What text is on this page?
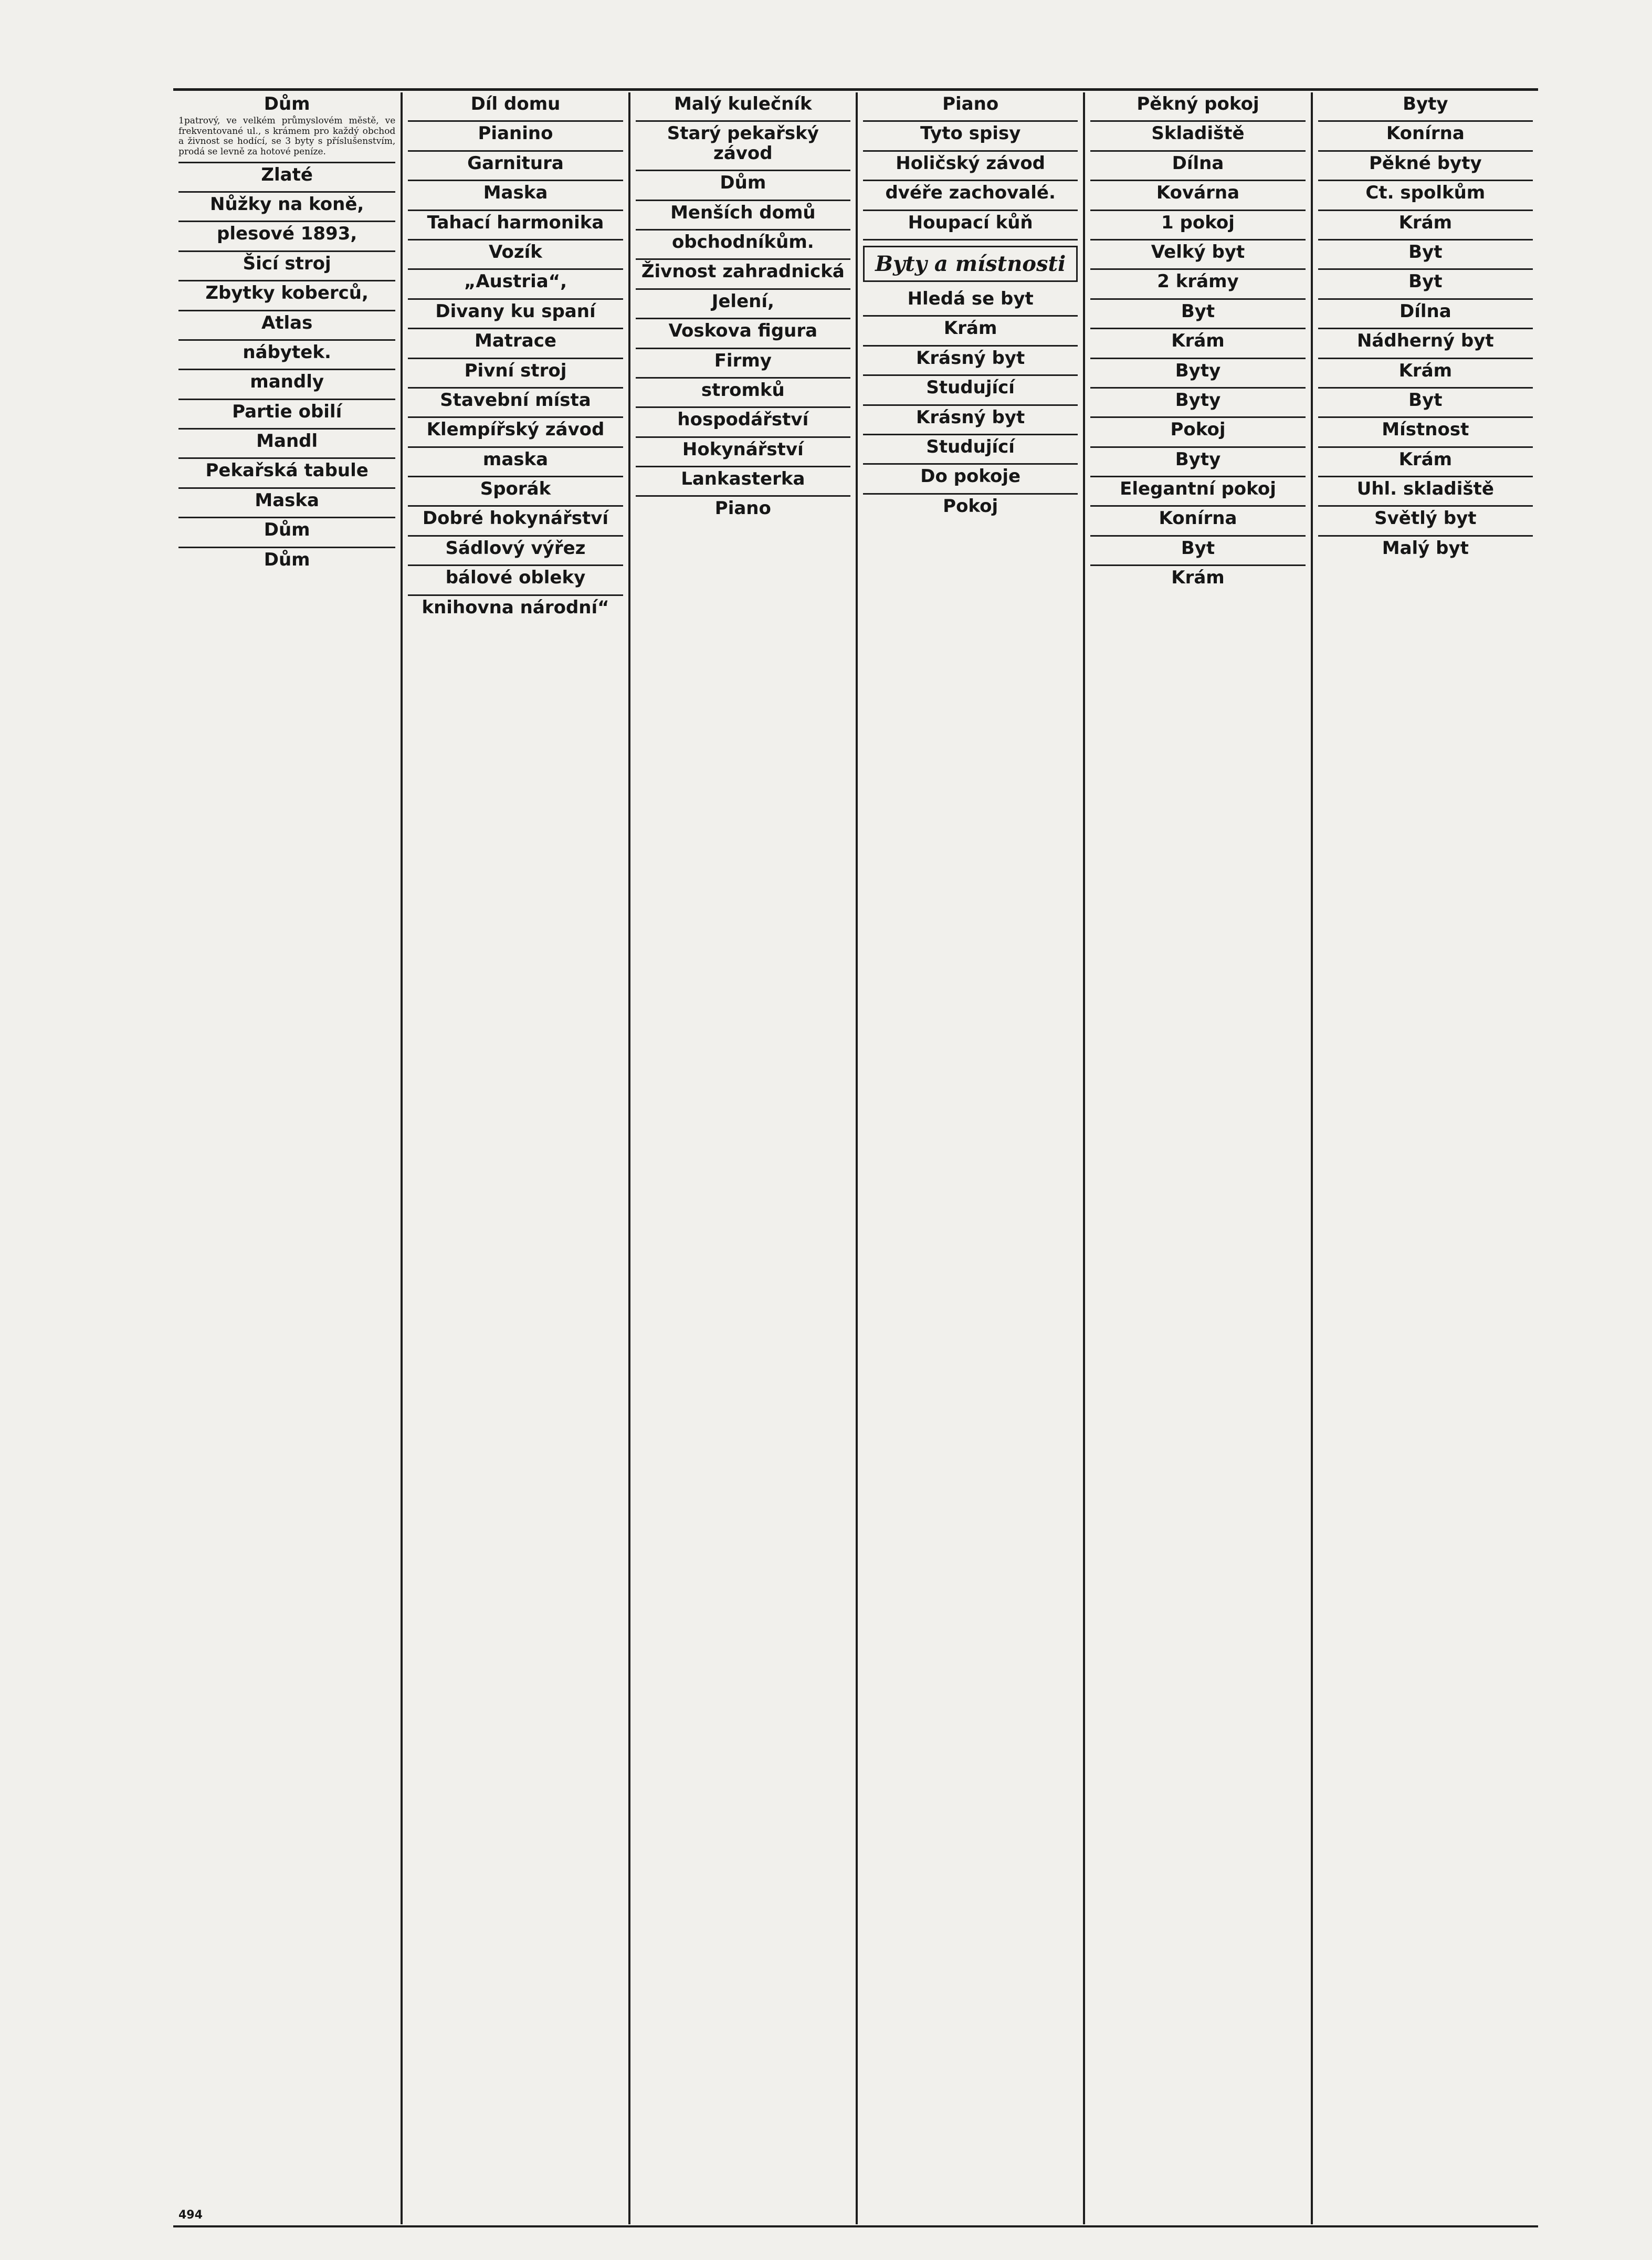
Dům
1patrový, ve velkém průmyslovém městě, ve frekventované ul., s krámem pro každý obchod a živnost se hodící, se 3 byty s příslušenstvím, prodá se levně za hotové peníze.
Zlaté
Nůžky na koně,
plesové 1893,
Šicí stroj
Zbytky koberců,
Atlas
nábytek.
mandly
Partie obilí
Mandl
Pekařská tabule
Maska
Dům
Dům
Díl domu
Pianino
Garnitura
Maska
Tahací harmonika
Vozík
„Austria“,
Divany ku spaní
Matrace
Pivní stroj
Stavební místa
Klempířský závod
maska
Sporák
Dobré hokynářství
Sádlový výřez
bálové obleky
knihovna národní“
Malý kulečník
Starý pekařský závod
Dům
Menších domů
obchodníkům.
Živnost zahradnická
Jelení,
Voskova figura
Firmy
stromků
hospodářství
Hokynářství
Lankasterka
Piano
Piano
Tyto spisy
Holičský závod
dvéře zachovalé.
Houpací kůň
Byty a místnosti
Hledá se byt
Krám
Krásný byt
Studující
Krásný byt
Studující
Do pokoje
Pokoj
Pěkný pokoj
Skladiště
Dílna
Kovárna
1 pokoj
Velký byt
2 krámy
Byt
Krám
Byty
Byty
Pokoj
Byty
Elegantní pokoj
Konírna
Byt
Krám
Byty
Konírna
Pěkné byty
Ct. spolkům
Krám
Byt
Byt
Dílna
Nádherný byt
Krám
Byt
Místnost
Krám
Uhl. skladiště
Světlý byt
Malý byt
494
